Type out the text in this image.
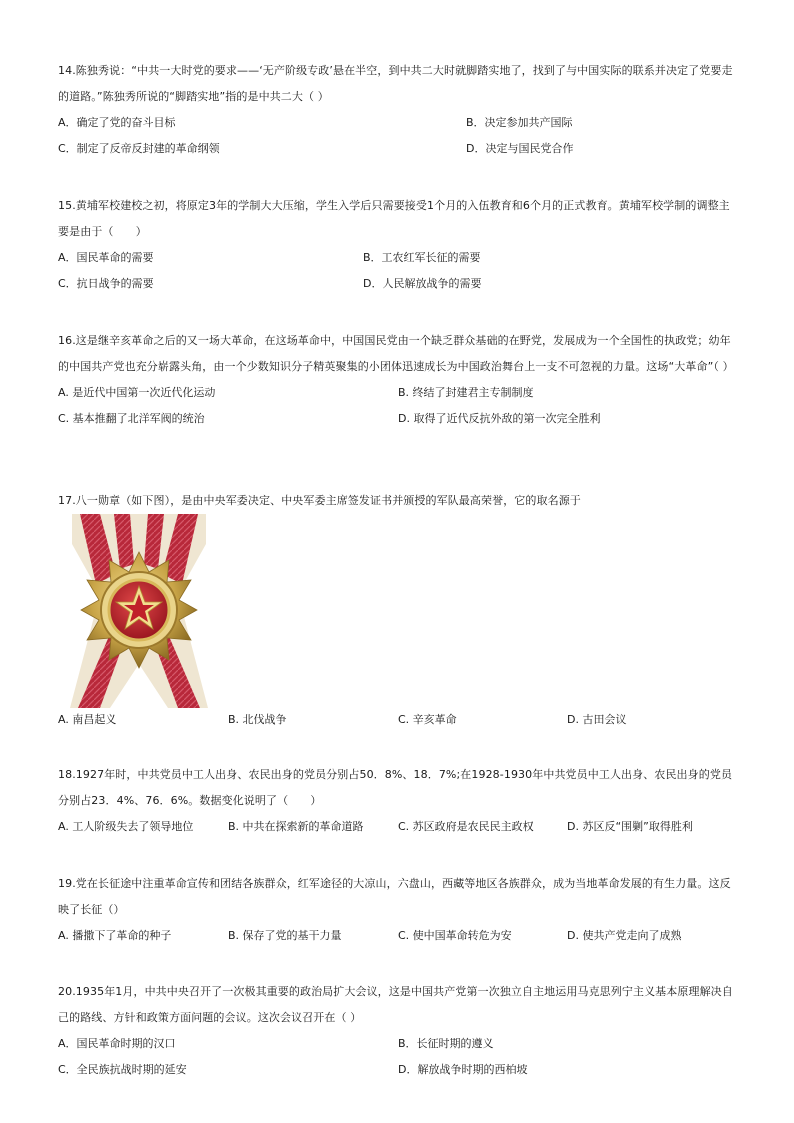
14.陈独秀说：“中共一大时党的要求——‘无产阶级专政’悬在半空，到中共二大时就脚踏实地了，找到了与中国实际的联系并决定了党要走的道路。”陈独秀所说的“脚踏实地”指的是中共二大（ ）

A．确定了党的奋斗目标	B．决定参加共产国际
C．制定了反帝反封建的革命纲领	D．决定与国民党合作

15.黄埔军校建校之初，将原定3年的学制大大压缩，学生入学后只需要接受1个月的入伍教育和6个月的正式教育。黄埔军校学制的调整主要是由于（　　）

A．国民革命的需要	B．工农红军长征的需要
C．抗日战争的需要	D．人民解放战争的需要

16.这是继辛亥革命之后的又一场大革命，在这场革命中，中国国民党由一个缺乏群众基础的在野党，发展成为一个全国性的执政党；幼年的中国共产党也充分崭露头角，由一个少数知识分子精英聚集的小团体迅速成长为中国政治舞台上一支不可忽视的力量。这场“大革命”（ ）

A. 是近代中国第一次近代化运动	B. 终结了封建君主专制制度
C. 基本推翻了北洋军阀的统治	D. 取得了近代反抗外敌的第一次完全胜利

17.八一勋章（如下图），是由中央军委决定、中央军委主席签发证书并颁授的军队最高荣誉，它的取名源于

A. 南昌起义	B. 北伐战争	C. 辛亥革命	D. 古田会议

18.1927年时，中共党员中工人出身、农民出身的党员分别占50．8%、18．7%;在1928-1930年中共党员中工人出身、农民出身的党员分别占23．4%、76．6%。数据变化说明了（　　）

A. 工人阶级失去了领导地位	B. 中共在探索新的革命道路	C. 苏区政府是农民民主政权	D. 苏区反“围剿”取得胜利

19.党在长征途中注重革命宣传和团结各族群众，红军途径的大凉山，六盘山，西藏等地区各族群众，成为当地革命发展的有生力量。这反映了长征（）

A. 播撒下了革命的种子	B. 保存了党的基干力量	C. 使中国革命转危为安	D. 使共产党走向了成熟

20.1935年1月，中共中央召开了一次极其重要的政治局扩大会议，这是中国共产党第一次独立自主地运用马克思列宁主义基本原理解决自己的路线、方针和政策方面问题的会议。这次会议召开在（ ）

A．国民革命时期的汉口	B．长征时期的遵义
C．全民族抗战时期的延安	D．解放战争时期的西柏坡
